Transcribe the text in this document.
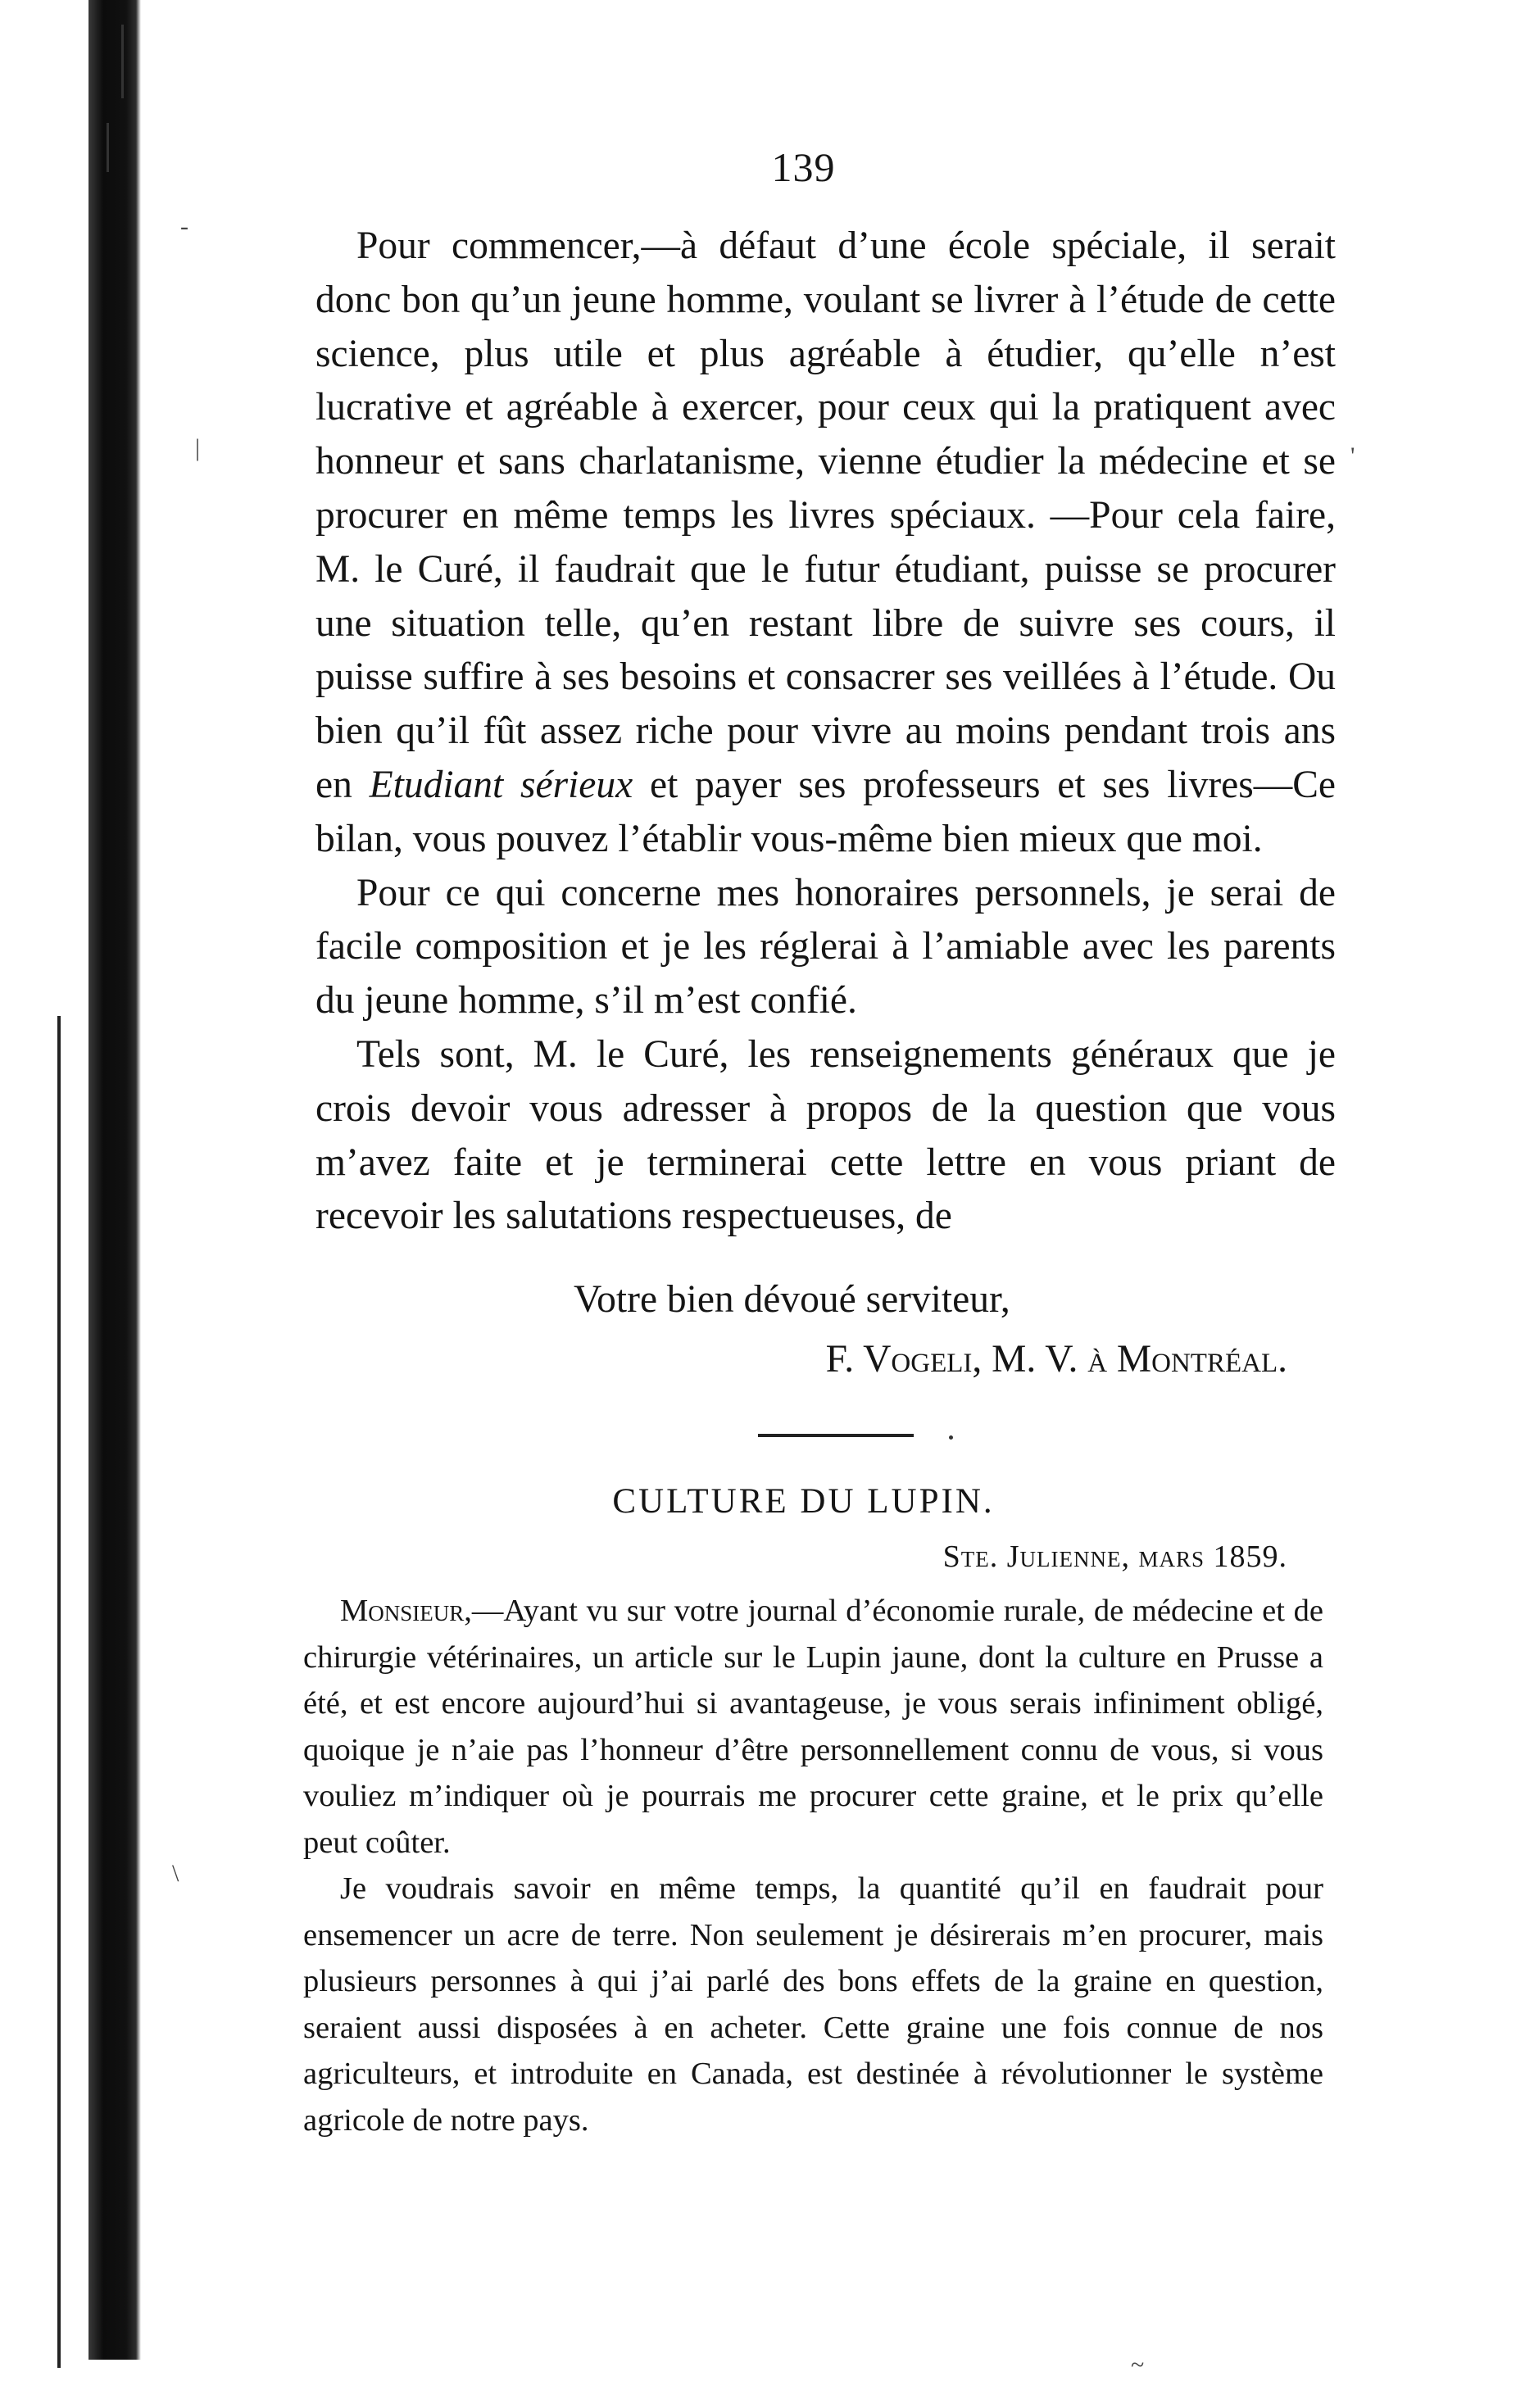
139

Pour commencer,—à défaut d’une école spéciale, il serait donc bon qu’un jeune homme, voulant se livrer à l’étude de cette science, plus utile et plus agréable à étudier, qu’elle n’est lucrative et agréable à exercer, pour ceux qui la pratiquent avec honneur et sans charlatanisme, vienne étudier la médecine et se procurer en même temps les livres spéciaux. —Pour cela faire, M. le Curé, il faudrait que le futur étudiant, puisse se procurer une situation telle, qu’en restant libre de suivre ses cours, il puisse suffire à ses besoins et consacrer ses veillées à l’étude. Ou bien qu’il fût assez riche pour vivre au moins pendant trois ans en Etudiant sérieux et payer ses professeurs et ses livres—Ce bilan, vous pouvez l’établir vous-même bien mieux que moi.

Pour ce qui concerne mes honoraires personnels, je serai de facile composition et je les réglerai à l’amiable avec les parents du jeune homme, s’il m’est confié.

Tels sont, M. le Curé, les renseignements généraux que je crois devoir vous adresser à propos de la question que vous m’avez faite et je terminerai cette lettre en vous priant de recevoir les salutations respectueuses, de

Votre bien dévoué serviteur,
F. Vogeli, M. V. à Montréal.
CULTURE DU LUPIN.
Ste. Julienne, mars 1859.

Monsieur,—Ayant vu sur votre journal d’économie rurale, de médecine et de chirurgie vétérinaires, un article sur le Lupin jaune, dont la culture en Prusse a été, et est encore aujourd’hui si avantageuse, je vous serais infiniment obligé, quoique je n’aie pas l’honneur d’être personnellement connu de vous, si vous vouliez m’indiquer où je pourrais me procurer cette graine, et le prix qu’elle peut coûter.

Je voudrais savoir en même temps, la quantité qu’il en faudrait pour ensemencer un acre de terre. Non seulement je désirerais m’en procurer, mais plusieurs personnes à qui j’ai parlé des bons effets de la graine en question, seraient aussi disposées à en acheter. Cette graine une fois connue de nos agriculteurs, et introduite en Canada, est destinée à révolutionner le système agricole de notre pays.

-
|	'
\
~
